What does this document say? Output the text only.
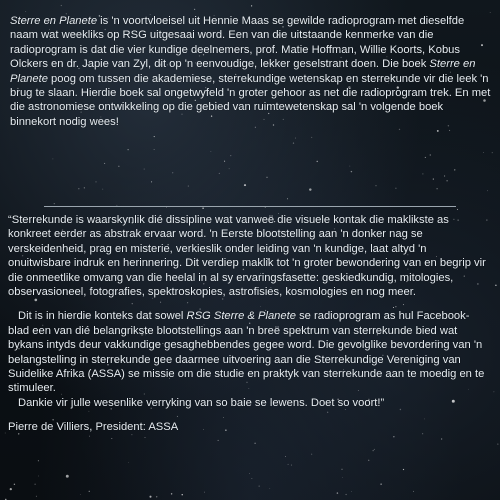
Sterre en Planete is 'n voortvloeisel uit Hennie Maas se gewilde radioprogram met dieselfde naam wat weekliks op RSG uitgesaai word. Een van die uitstaande kenmerke van die radioprogram is dat die vier kundige deelnemers, prof. Matie Hoffman, Willie Koorts, Kobus Olckers en dr. Japie van Zyl, dit op 'n eenvoudige, lekker geselstrant doen. Die boek Sterre en Planete poog om tussen die akademiese, sterrekundige wetenskap en sterrekunde vir die leek 'n brug te slaan. Hierdie boek sal ongetwyfeld 'n groter gehoor as net die radioprogram trek. En met die astronomiese ontwikkeling op die gebied van ruimtewetenskap sal 'n volgende boek binnekort nodig wees!

“Sterrekunde is waarskynlik dié dissipline wat vanweë die visuele kontak die maklikste as konkreet eerder as abstrak ervaar word. 'n Eerste blootstelling aan 'n donker nag se verskeidenheid, prag en misterie, verkieslik onder leiding van 'n kundige, laat altyd 'n onuitwisbare indruk en herinnering. Dit verdiep maklik tot 'n groter bewondering van en begrip vir die onmeetlike omvang van die heelal in al sy ervaringsfasette: geskiedkundig, mitologies, observasioneel, fotografies, spektroskopies, astrofisies, kosmologies en nog meer.

Dit is in hierdie konteks dat sowel RSG Sterre & Planete se radioprogram as hul Facebook-blad een van dié belangrikste blootstellings aan 'n breë spektrum van sterrekunde bied wat bykans intyds deur vakkundige gesaghebbendes gegee word. Die gevolglike bevordering van 'n belangstelling in sterrekunde gee daarmee uitvoering aan die Sterrekundige Vereniging van Suidelike Afrika (ASSA) se missie om die studie en praktyk van sterrekunde aan te moedig en te stimuleer.

Dankie vir julle wesenlike verryking van so baie se lewens. Doet so voort!”

Pierre de Villiers, President: ASSA
